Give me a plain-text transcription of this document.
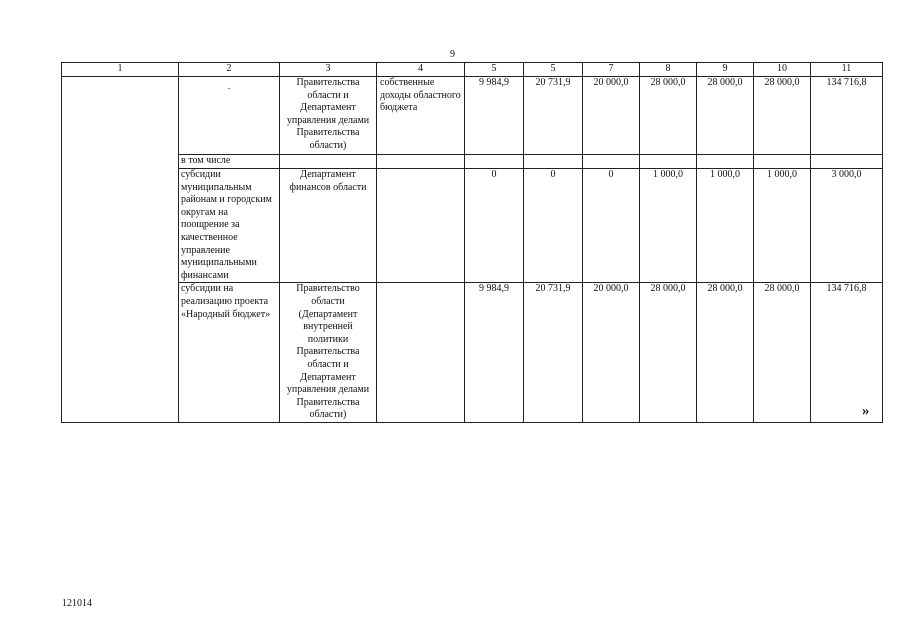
9
1	2	3	4	5	5	7	8	9	10	11

	-	Правительства области и Департамент управления делами Правительства области)	собственные доходы областного бюджета	9 984,9	20 731,9	20 000,0	28 000,0	28 000,0	28 000,0	134 716,8
	в том числе									
	субсидии муниципальным районам и городским округам на поощрение за качественное управление муниципальными финансами	Департамент финансов области		0	0	0	1 000,0	1 000,0	1 000,0	3 000,0
	субсидии на реализацию проекта «Народный бюджет»	Правительство области (Департамент внутренней политики Правительства области и Департамент управления делами Правительства области)		9 984,9	20 731,9	20 000,0	28 000,0	28 000,0	28 000,0	134 716,8
»
121014
